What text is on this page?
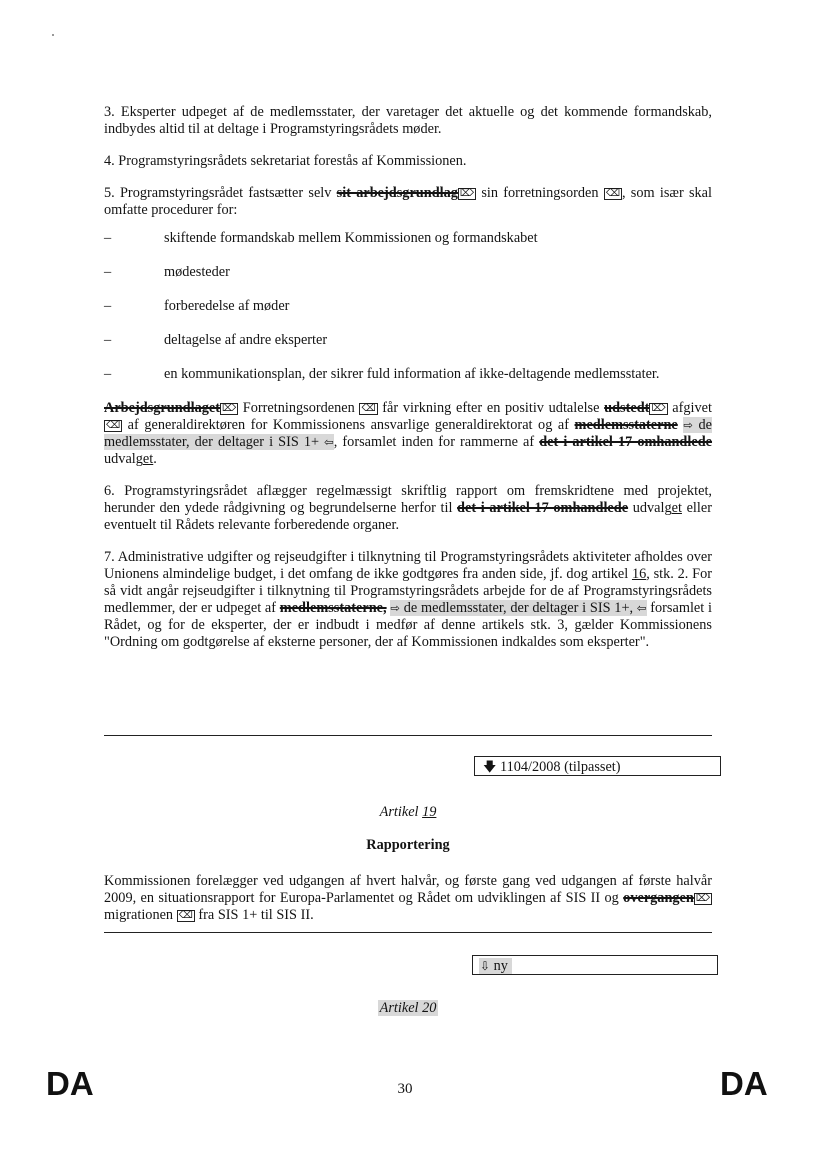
3. Eksperter udpeget af de medlemsstater, der varetager det aktuelle og det kommende formandskab, indbydes altid til at deltage i Programstyringsrådets møder.

4. Programstyringsrådets sekretariat forestås af Kommissionen.

5. Programstyringsrådet fastsætter selv sit arbejdsgrundlag ⌦ sin forretningsorden ⌫ , som især skal omfatte procedurer for:

–	skiftende formandskab mellem Kommissionen og formandskabet
–	mødesteder
–	forberedelse af møder
–	deltagelse af andre eksperter
–	en kommunikationsplan, der sikrer fuld information af ikke-deltagende medlemsstater.

Arbejdsgrundlaget ⌦ Forretningsordenen ⌫ får virkning efter en positiv udtalelse udstedt ⌦ afgivet ⌫ af generaldirektøren for Kommissionens ansvarlige generaldirektorat og af medlemsstaterne ⇨ de medlemsstater, der deltager i SIS 1+ ⇦, forsamlet inden for rammerne af det i artikel 17 omhandlede udvalget.

6. Programstyringsrådet aflægger regelmæssigt skriftlig rapport om fremskridtene med projektet, herunder den ydede rådgivning og begrundelserne herfor til det i artikel 17 omhandlede udvalget eller eventuelt til Rådets relevante forberedende organer.

7. Administrative udgifter og rejseudgifter i tilknytning til Programstyringsrådets aktiviteter afholdes over Unionens almindelige budget, i det omfang de ikke godtgøres fra anden side, jf. dog artikel 16, stk. 2. For så vidt angår rejseudgifter i tilknytning til Programstyringsrådets arbejde for de af Programstyringsrådets medlemmer, der er udpeget af medlemsstaterne, ⇨ de medlemsstater, der deltager i SIS 1+, ⇦ forsamlet i Rådet, og for de eksperter, der er indbudt i medfør af denne artikels stk. 3, gælder Kommissionens "Ordning om godtgørelse af eksterne personer, der af Kommissionen indkaldes som eksperter".

🡇 1104/2008 (tilpasset)

Artikel 19

Rapportering

Kommissionen forelægger ved udgangen af hvert halvår, og første gang ved udgangen af første halvår 2009, en situationsrapport for Europa-Parlamentet og Rådet om udviklingen af SIS II og overgangen ⌦ migrationen ⌫ fra SIS 1+ til SIS II.

⇩ ny

Artikel 20

DA	30	DA
